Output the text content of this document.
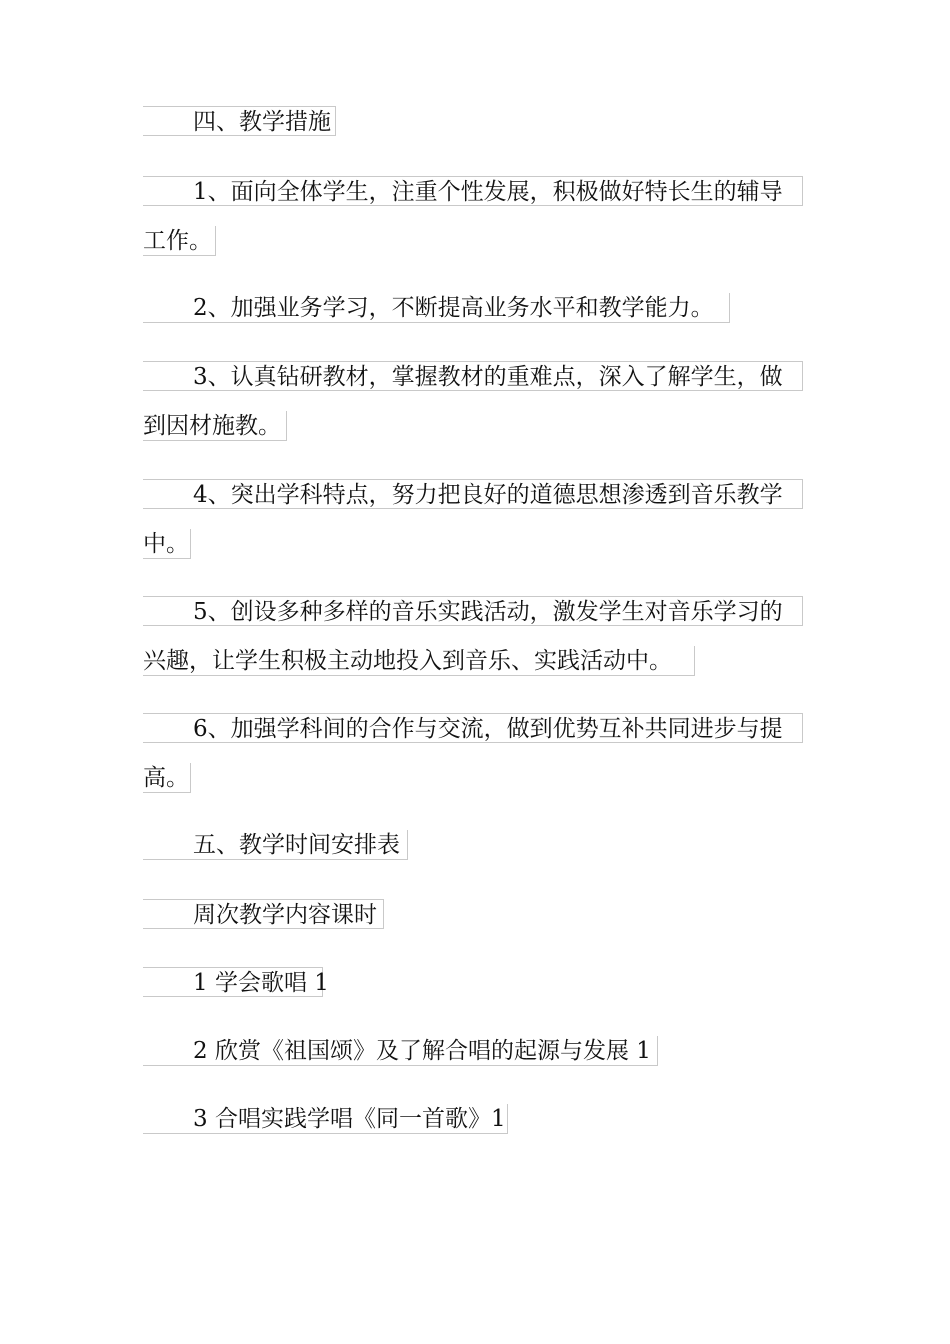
四、教学措施
1、面向全体学生，注重个性发展，积极做好特长生的辅导
工作。
2、加强业务学习，不断提高业务水平和教学能力。
3、认真钻研教材，掌握教材的重难点，深入了解学生，做
到因材施教。
4、突出学科特点，努力把良好的道德思想渗透到音乐教学
中。
5、创设多种多样的音乐实践活动，激发学生对音乐学习的
兴趣，让学生积极主动地投入到音乐、实践活动中。
6、加强学科间的合作与交流，做到优势互补共同进步与提
高。
五、教学时间安排表
周次教学内容课时
1 学会歌唱 1
2 欣赏《祖国颂》及了解合唱的起源与发展 1
3 合唱实践学唱《同一首歌》1
